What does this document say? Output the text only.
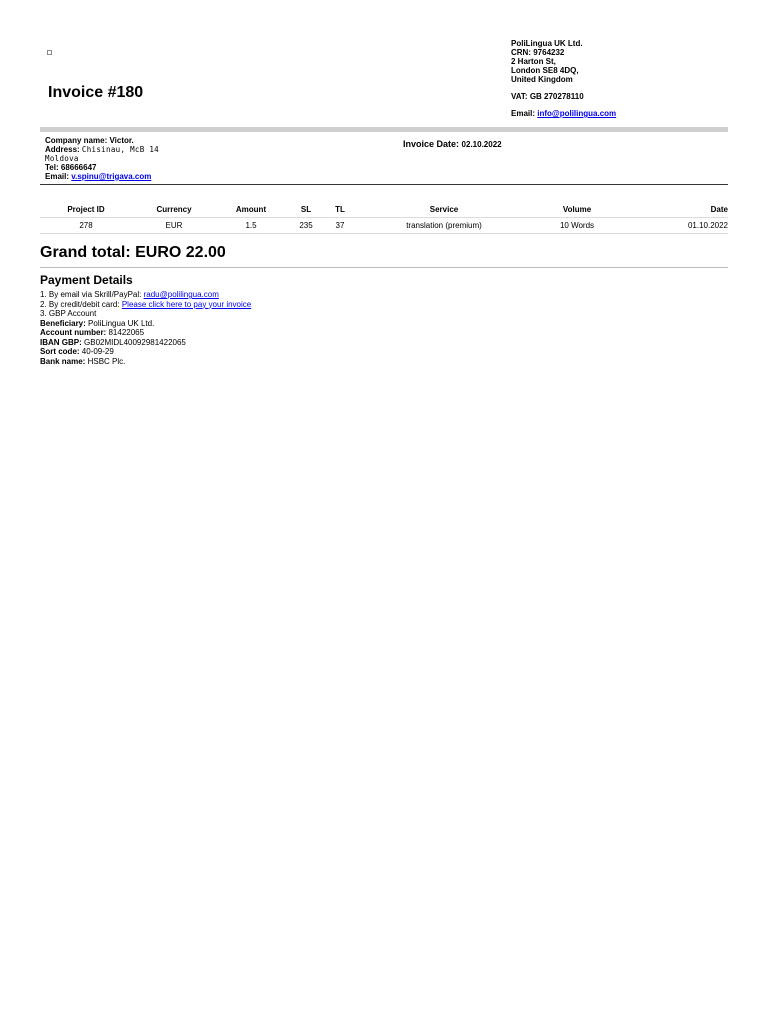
Invoice #180
PoliLingua UK Ltd.
CRN: 9764232
2 Harton St,
London SE8 4DQ,
United Kingdom
VAT: GB 270278110
Email: info@polilingua.com
Company name: Victor.
Address: Chisinau, McB 14
Moldova
Tel: 68666647
Email: v.spinu@trigava.com
Invoice Date: 02.10.2022
Project ID	Currency	Amount	SL	TL	Service	Volume	Date
278	EUR	1.5	235	37	translation (premium)	10 Words	01.10.2022
Grand total: EURO 22.00
Payment Details
1. By email via Skrill/PayPal: radu@polilingua.com
2. By credit/debit card: Please click here to pay your invoice
3. GBP Account
Beneficiary: PoliLingua UK Ltd.
Account number: 81422065
IBAN GBP: GB02MIDL40092981422065
Sort code: 40-09-29
Bank name: HSBC Plc.
